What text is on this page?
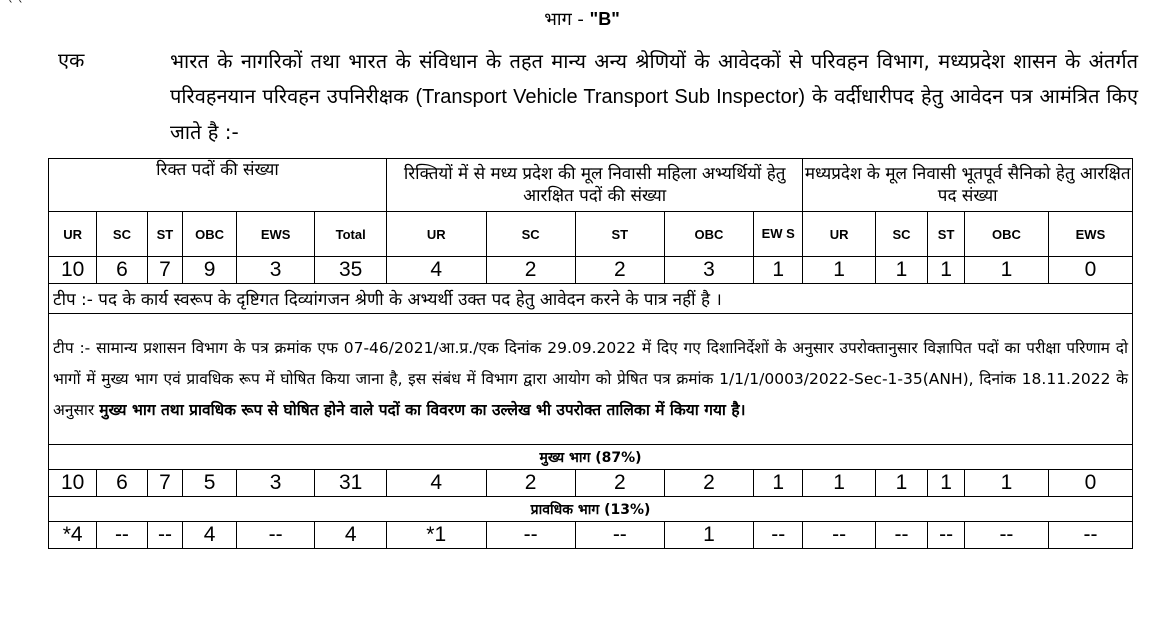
` ˋ
भाग - "B"
एक	भारत के नागरिकों तथा भारत के संविधान के तहत मान्य अन्य श्रेणियों के आवेदकों से परिवहन विभाग, मध्यप्रदेश शासन के अंतर्गत परिवहनयान परिवहन उपनिरीक्षक (Transport Vehicle Transport Sub Inspector) के वर्दीधारीपद हेतु आवेदन पत्र आमंत्रित किए जाते है :-
रिक्त पदों की संख्या						रिक्तियों में से मध्य प्रदेश की मूल निवासी महिला अभ्यर्थियों हेतु आरक्षित पदों की संख्या					मध्यप्रदेश के मूल निवासी भूतपूर्व सैनिको हेतु आरक्षित पद संख्या				
UR	SC	ST	OBC	EWS	Total	UR	SC	ST	OBC	EW S	UR	SC	ST	OBC	EWS
10	6	7	9	3	35	4	2	2	3	1	1	1	1	1	0
टीप :- पद के कार्य स्वरूप के दृष्टिगत दिव्यांगजन श्रेणी के अभ्यर्थी उक्त पद हेतु आवेदन करने के पात्र नहीं है ।															
टीप :- सामान्य प्रशासन विभाग के पत्र क्रमांक एफ 07-46/2021/आ.प्र./एक दिनांक 29.09.2022 में दिए गए दिशानिर्देशों के अनुसार उपरोक्तानुसार विज्ञापित पदों का परीक्षा परिणाम दो भागों में मुख्य भाग एवं प्रावधिक रूप में घोषित किया जाना है, इस संबंध में विभाग द्वारा आयोग को प्रेषित पत्र क्रमांक 1/1/1/0003/2022-Sec-1-35(ANH), दिनांक 18.11.2022 के अनुसार मुख्य भाग तथा प्रावधिक रूप से घोषित होने वाले पदों का विवरण का उल्लेख भी उपरोक्त तालिका में किया गया है।															
मुख्य भाग (87%)															
10	6	7	5	3	31	4	2	2	2	1	1	1	1	1	0
प्रावधिक भाग (13%)															
*4	--	--	4	--	4	*1	--	--	1	--	--	--	--	--	--
